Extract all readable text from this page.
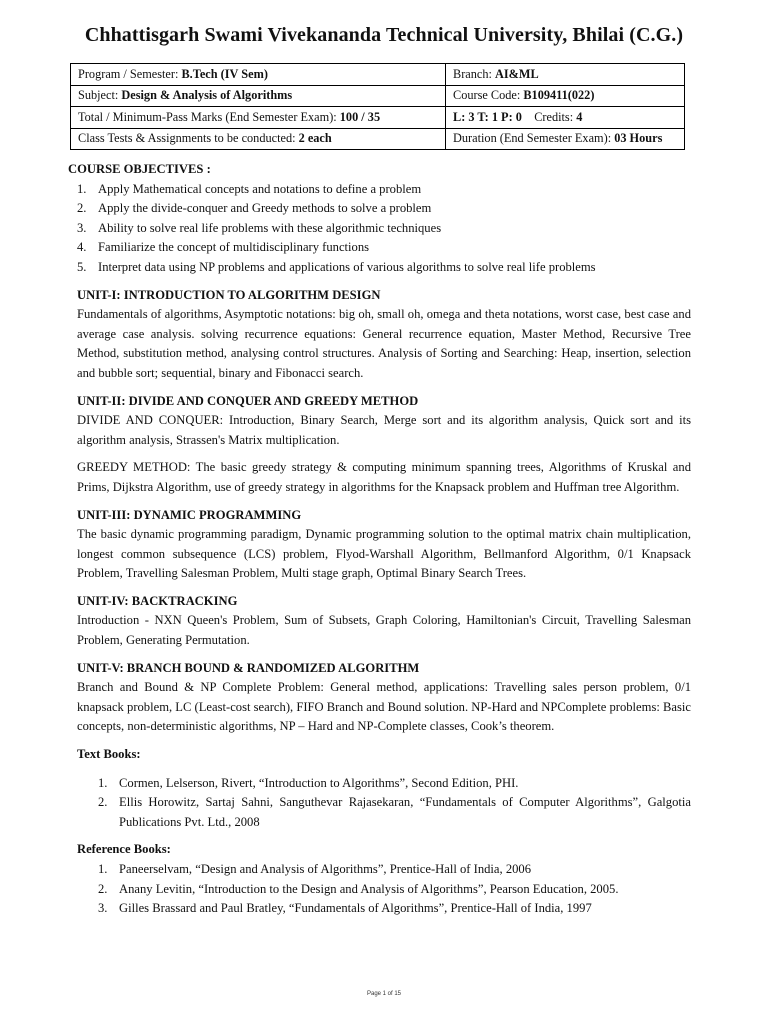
Chhattisgarh Swami Vivekananda Technical University, Bhilai (C.G.)
Program / Semester: B.Tech (IV Sem)	Branch: AI&ML
Subject: Design & Analysis of Algorithms	Course Code: B109411(022)
Total / Minimum-Pass Marks (End Semester Exam): 100 / 35	L: 3 T: 1 P: 0 Credits: 4
Class Tests & Assignments to be conducted: 2 each	Duration (End Semester Exam): 03 Hours
COURSE OBJECTIVES :
1. Apply Mathematical concepts and notations to define a problem
2. Apply the divide-conquer and Greedy methods to solve a problem
3. Ability to solve real life problems with these algorithmic techniques
4. Familiarize the concept of multidisciplinary functions
5. Interpret data using NP problems and applications of various algorithms to solve real life problems
UNIT-I: INTRODUCTION TO ALGORITHM DESIGN

Fundamentals of algorithms, Asymptotic notations: big oh, small oh, omega and theta notations, worst case, best case and average case analysis. solving recurrence equations: General recurrence equation, Master Method, Recursive Tree Method, substitution method, analysing control structures. Analysis of Sorting and Searching: Heap, insertion, selection and bubble sort; sequential, binary and Fibonacci search.

UNIT-II: DIVIDE AND CONQUER AND GREEDY METHOD

DIVIDE AND CONQUER: Introduction, Binary Search, Merge sort and its algorithm analysis, Quick sort and its algorithm analysis, Strassen's Matrix multiplication.

GREEDY METHOD: The basic greedy strategy & computing minimum spanning trees, Algorithms of Kruskal and Prims, Dijkstra Algorithm, use of greedy strategy in algorithms for the Knapsack problem and Huffman tree Algorithm.

UNIT-III: DYNAMIC PROGRAMMING

The basic dynamic programming paradigm, Dynamic programming solution to the optimal matrix chain multiplication, longest common subsequence (LCS) problem, Flyod-Warshall Algorithm, Bellmanford Algorithm, 0/1 Knapsack Problem, Travelling Salesman Problem, Multi stage graph, Optimal Binary Search Trees.

UNIT-IV: BACKTRACKING

Introduction - NXN Queen's Problem, Sum of Subsets, Graph Coloring, Hamiltonian's Circuit, Travelling Salesman Problem, Generating Permutation.

UNIT-V: BRANCH BOUND & RANDOMIZED ALGORITHM

Branch and Bound & NP Complete Problem: General method, applications: Travelling sales person problem, 0/1 knapsack problem, LC (Least-cost search), FIFO Branch and Bound solution. NP-Hard and NPComplete problems: Basic concepts, non-deterministic algorithms, NP – Hard and NP-Complete classes, Cook’s theorem.

Text Books:
1. Cormen, Lelserson, Rivert, “Introduction to Algorithms”, Second Edition, PHI.
2. Ellis Horowitz, Sartaj Sahni, Sanguthevar Rajasekaran, “Fundamentals of Computer Algorithms”, Galgotia Publications Pvt. Ltd., 2008
Reference Books:
1. Paneerselvam, “Design and Analysis of Algorithms”, Prentice-Hall of India, 2006
2. Anany Levitin, “Introduction to the Design and Analysis of Algorithms”, Pearson Education, 2005.
3. Gilles Brassard and Paul Bratley, “Fundamentals of Algorithms”, Prentice-Hall of India, 1997
Page 1 of 15
